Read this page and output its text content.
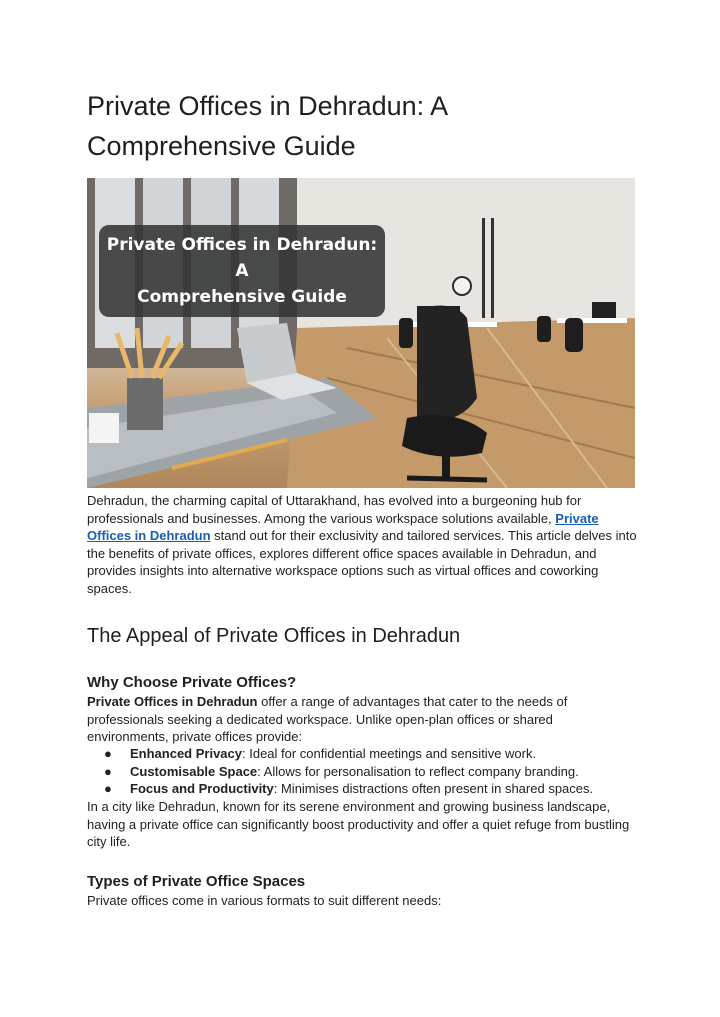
Private Offices in Dehradun: A Comprehensive Guide
Private Offices in Dehradun: A
Comprehensive Guide

Dehradun, the charming capital of Uttarakhand, has evolved into a burgeoning hub for professionals and businesses. Among the various workspace solutions available, Private Offices in Dehradun stand out for their exclusivity and tailored services. This article delves into the benefits of private offices, explores different office spaces available in Dehradun, and provides insights into alternative workspace options such as virtual offices and coworking spaces.

The Appeal of Private Offices in Dehradun
Why Choose Private Offices?

Private Offices in Dehradun offer a range of advantages that cater to the needs of professionals seeking a dedicated workspace. Unlike open-plan offices or shared environments, private offices provide:

● Enhanced Privacy: Ideal for confidential meetings and sensitive work.
● Customisable Space: Allows for personalisation to reflect company branding.
● Focus and Productivity: Minimises distractions often present in shared spaces.

In a city like Dehradun, known for its serene environment and growing business landscape, having a private office can significantly boost productivity and offer a quiet refuge from bustling city life.

Types of Private Office Spaces

Private offices come in various formats to suit different needs:
